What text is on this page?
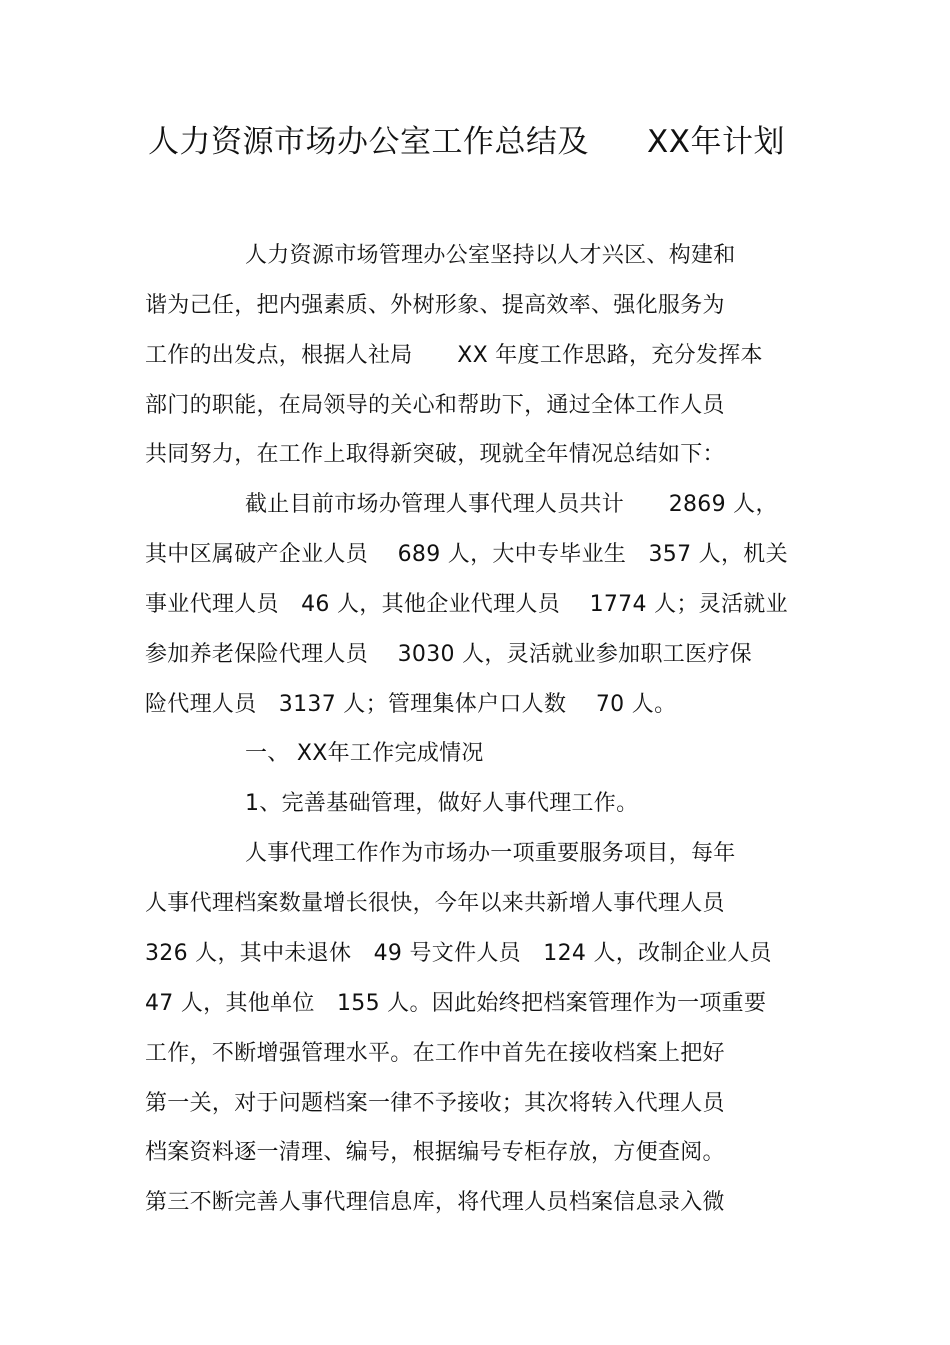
人力资源市场办公室工作总结及 XX年计划
人力资源市场管理办公室坚持以人才兴区、构建和
谐为己任，把内强素质、外树形象、提高效率、强化服务为
工作的出发点，根据人社局　　XX 年度工作思路，充分发挥本
部门的职能，在局领导的关心和帮助下，通过全体工作人员
共同努力，在工作上取得新突破，现就全年情况总结如下：
截止目前市场办管理人事代理人员共计　　2869 人，
其中区属破产企业人员　 689 人，大中专毕业生　357 人，机关
事业代理人员　46 人，其他企业代理人员　 1774 人；灵活就业
参加养老保险代理人员　 3030 人，灵活就业参加职工医疗保
险代理人员　3137 人；管理集体户口人数　 70 人。
一、 XX年工作完成情况
1、完善基础管理，做好人事代理工作。
人事代理工作作为市场办一项重要服务项目，每年
人事代理档案数量增长很快，今年以来共新增人事代理人员
326 人，其中未退休　49 号文件人员　124 人，改制企业人员
47 人，其他单位　155 人。因此始终把档案管理作为一项重要
工作，不断增强管理水平。在工作中首先在接收档案上把好
第一关，对于问题档案一律不予接收；其次将转入代理人员
档案资料逐一清理、编号，根据编号专柜存放，方便查阅。
第三不断完善人事代理信息库，将代理人员档案信息录入微
